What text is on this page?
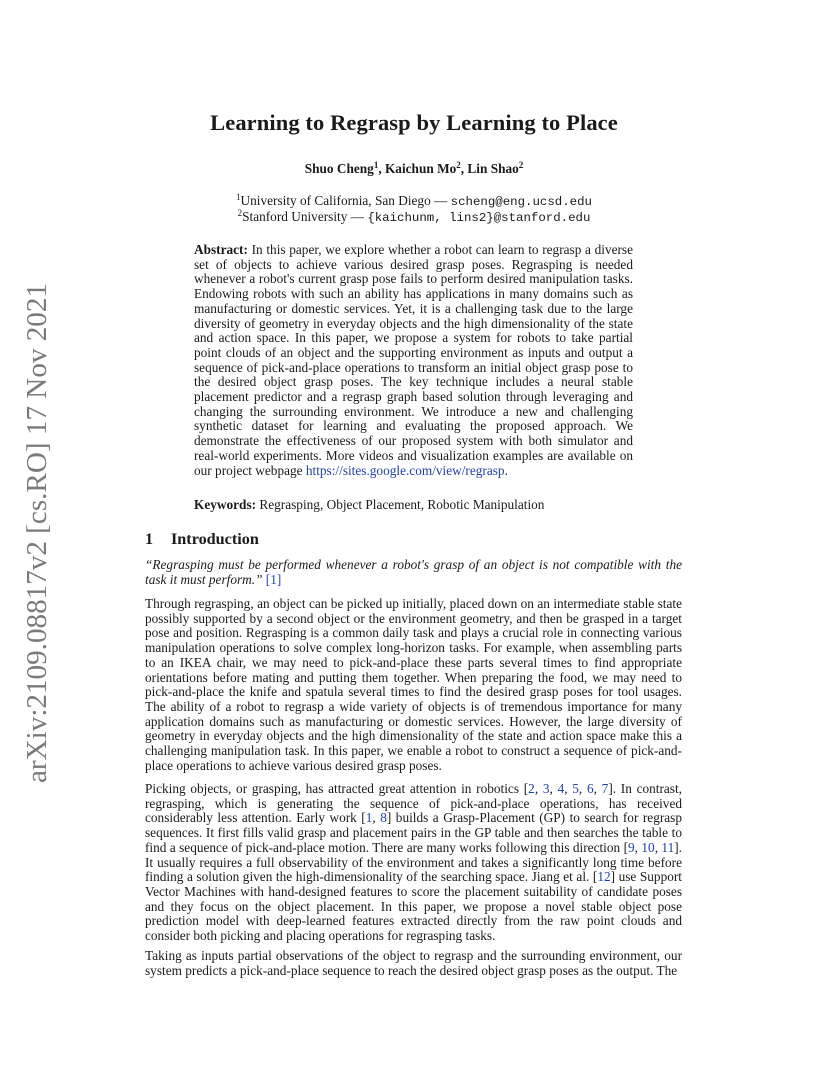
arXiv:2109.08817v2 [cs.RO] 17 Nov 2021
Learning to Regrasp by Learning to Place
Shuo Cheng$^1$, Kaichun Mo$^2$, Lin Shao$^2$
$^1$University of California, San Diego — scheng@eng.ucsd.edu
$^2$Stanford University — {kaichunm, lins2}@stanford.edu
Abstract: In this paper, we explore whether a robot can learn to regrasp a diverse set of objects to achieve various desired grasp poses. Regrasping is needed whenever a robot's current grasp pose fails to perform desired manipulation tasks. Endowing robots with such an ability has applications in many domains such as manufacturing or domestic services. Yet, it is a challenging task due to the large diversity of geometry in everyday objects and the high dimensionality of the state and action space. In this paper, we propose a system for robots to take partial point clouds of an object and the supporting environment as inputs and output a sequence of pick-and-place operations to transform an initial object grasp pose to the desired object grasp poses. The key technique includes a neural stable placement predictor and a regrasp graph based solution through leveraging and changing the surrounding environment. We introduce a new and challenging synthetic dataset for learning and evaluating the proposed approach. We demonstrate the effectiveness of our proposed system with both simulator and real-world experiments. More videos and visualization examples are available on our project webpage https://sites.google.com/view/regrasp.
Keywords: Regrasping, Object Placement, Robotic Manipulation
1 Introduction
“Regrasping must be performed whenever a robot's grasp of an object is not compatible with the task it must perform.” [1]
Through regrasping, an object can be picked up initially, placed down on an intermediate stable state possibly supported by a second object or the environment geometry, and then be grasped in a target pose and position. Regrasping is a common daily task and plays a crucial role in connecting various manipulation operations to solve complex long-horizon tasks. For example, when assembling parts to an IKEA chair, we may need to pick-and-place these parts several times to find appropriate orientations before mating and putting them together. When preparing the food, we may need to pick-and-place the knife and spatula several times to find the desired grasp poses for tool usages. The ability of a robot to regrasp a wide variety of objects is of tremendous importance for many application domains such as manufacturing or domestic services. However, the large diversity of geometry in everyday objects and the high dimensionality of the state and action space make this a challenging manipulation task. In this paper, we enable a robot to construct a sequence of pick-and-place operations to achieve various desired grasp poses.
Picking objects, or grasping, has attracted great attention in robotics [2, 3, 4, 5, 6, 7]. In contrast, regrasping, which is generating the sequence of pick-and-place operations, has received considerably less attention. Early work [1, 8] builds a Grasp-Placement (GP) to search for regrasp sequences. It first fills valid grasp and placement pairs in the GP table and then searches the table to find a sequence of pick-and-place motion. There are many works following this direction [9, 10, 11]. It usually requires a full observability of the environment and takes a significantly long time before finding a solution given the high-dimensionality of the searching space. Jiang et al. [12] use Support Vector Machines with hand-designed features to score the placement suitability of candidate poses and they focus on the object placement. In this paper, we propose a novel stable object pose prediction model with deep-learned features extracted directly from the raw point clouds and consider both picking and placing operations for regrasping tasks.
Taking as inputs partial observations of the object to regrasp and the surrounding environment, our system predicts a pick-and-place sequence to reach the desired object grasp poses as the output. The
